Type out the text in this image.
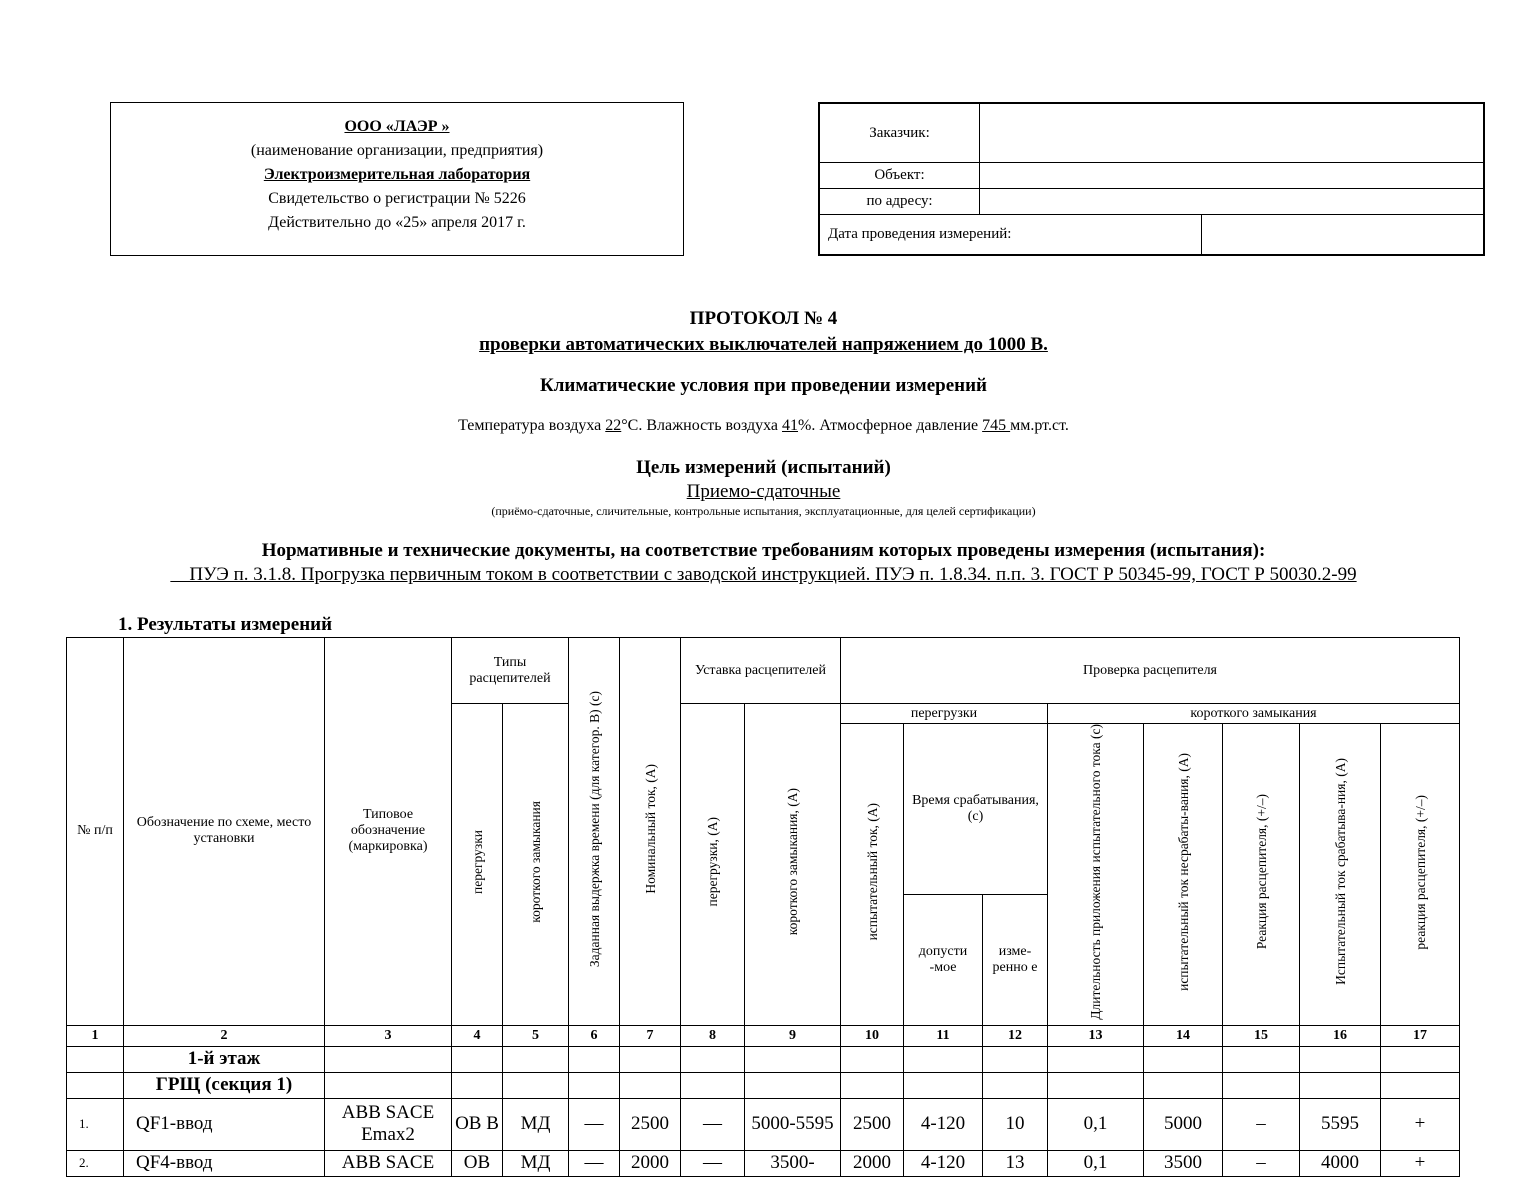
ООО «ЛАЭР »
(наименование организации, предприятия)
Электроизмерительная лаборатория
Свидетельство о регистрации № 5226
Действительно до «25» апреля 2017 г.
Заказчик:		
Объект:		
по адресу:		
Дата проведения измерений:		
ПРОТОКОЛ № 4
проверки автоматических выключателей напряжением до 1000 В.
Климатические условия при проведении измерений
Температура воздуха 22°С. Влажность воздуха 41%. Атмосферное давление 745 мм.рт.ст.
Цель измерений (испытаний)
Приемо-сдаточные
(приёмо-сдаточные, сличительные, контрольные испытания, эксплуатационные, для целей сертификации)
Нормативные и технические документы, на соответствие требованиям которых проведены измерения (испытания):
ПУЭ п. 3.1.8. Прогрузка первичным током в соответствии с заводской инструкцией. ПУЭ п. 1.8.34. п.п. 3. ГОСТ Р 50345-99, ГОСТ Р 50030.2-99
1. Результаты измерений
№ п/п	Обозначение по схеме, место установки	Типовое обозначение (маркировка)	Типы расцепителей		Заданная выдержка времени (для категор. В) (с)	Номинальный ток, (А)	Уставка расцепителей		Проверка расцепителя							
			перегрузки	короткого замыкания			перегрузки, (А)	короткого замыкания, (А)	перегрузки			короткого замыкания				
									испытательный ток, (А)	Время срабатывания, (с)		Длительность приложения испытательного тока (с)	испытательный ток несрабаты-вания, (А)	Реакция расцепителя, (+/–)	Испытательный ток срабатыва-ния, (А)	реакция расцепителя, (+/–)
										допусти -мое	изме-ренно е					
1	2	3	4	5	6	7	8	9	10	11	12	13	14	15	16	17
	1-й этаж															
	ГРЩ (секция 1)															
1.	QF1-ввод	ABB SACE Emax2	ОВ В	МД	—	2500	—	5000-5595	2500	4-120	10	0,1	5000	–	5595	+
2.	QF4-ввод	ABB SACE	ОВ	МД	—	2000	—	3500-	2000	4-120	13	0,1	3500	–	4000	+
